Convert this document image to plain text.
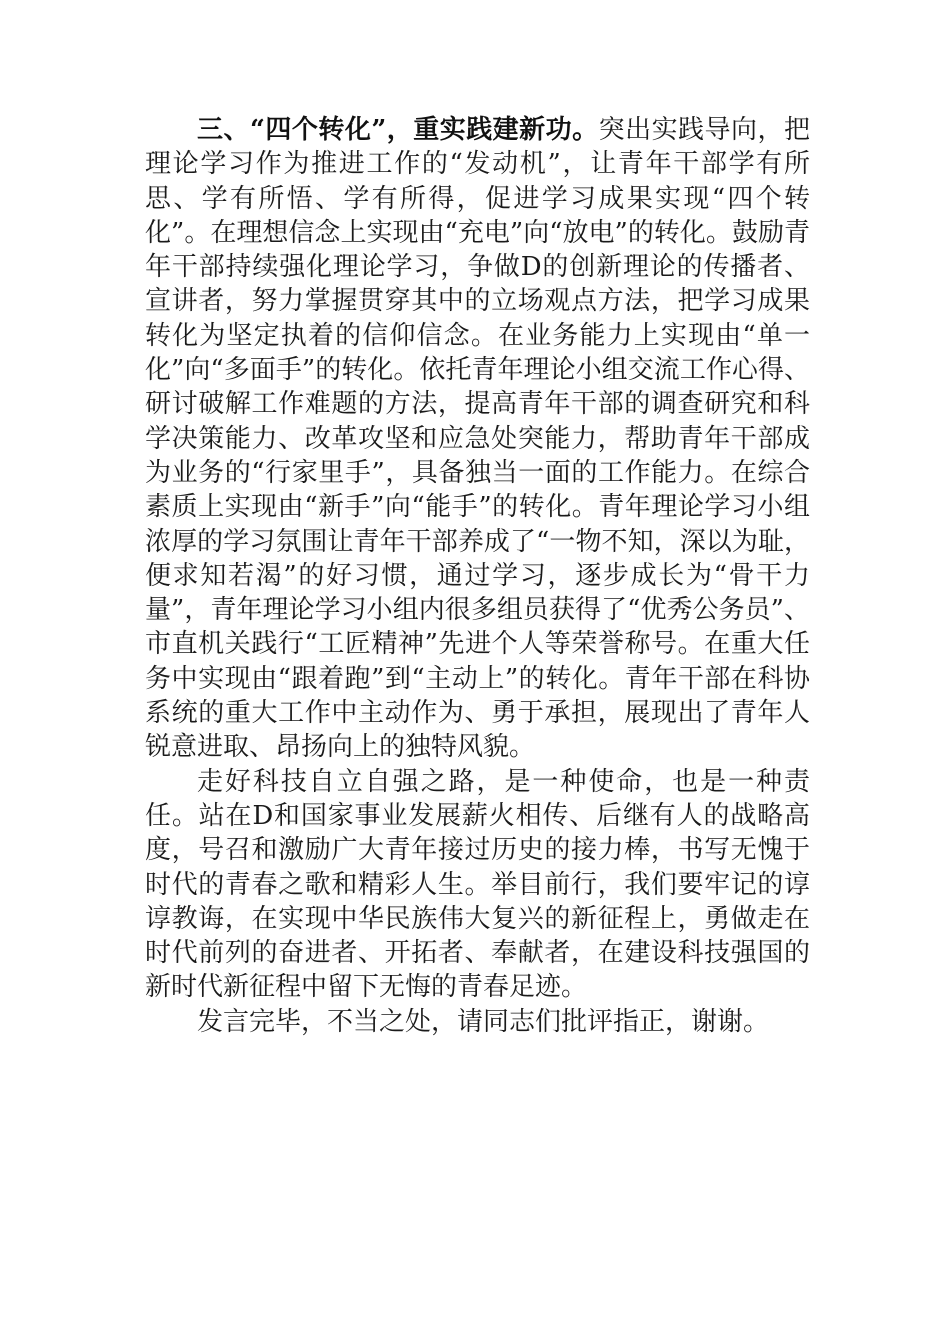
三、“四个转化”，重实践建新功。突出实践导向，把理论学习作为推进工作的“发动机”，让青年干部学有所思、学有所悟、学有所得，促进学习成果实现“四个转化”。在理想信念上实现由“充电”向“放电”的转化。鼓励青年干部持续强化理论学习，争做D的创新理论的传播者、宣讲者，努力掌握贯穿其中的立场观点方法，把学习成果转化为坚定执着的信仰信念。在业务能力上实现由“单一化”向“多面手”的转化。依托青年理论小组交流工作心得、研讨破解工作难题的方法，提高青年干部的调查研究和科学决策能力、改革攻坚和应急处突能力，帮助青年干部成为业务的“行家里手”，具备独当一面的工作能力。在综合素质上实现由“新手”向“能手”的转化。青年理论学习小组浓厚的学习氛围让青年干部养成了“一物不知，深以为耻，便求知若渴”的好习惯，通过学习，逐步成长为“骨干力量”，青年理论学习小组内很多组员获得了“优秀公务员”、市直机关践行“工匠精神”先进个人等荣誉称号。在重大任务中实现由“跟着跑”到“主动上”的转化。青年干部在科协系统的重大工作中主动作为、勇于承担，展现出了青年人锐意进取、昂扬向上的独特风貌。

走好科技自立自强之路，是一种使命，也是一种责任。站在D和国家事业发展薪火相传、后继有人的战略高度，号召和激励广大青年接过历史的接力棒，书写无愧于时代的青春之歌和精彩人生。举目前行，我们要牢记的谆谆教诲，在实现中华民族伟大复兴的新征程上，勇做走在时代前列的奋进者、开拓者、奉献者，在建设科技强国的新时代新征程中留下无悔的青春足迹。

发言完毕，不当之处，请同志们批评指正，谢谢。
